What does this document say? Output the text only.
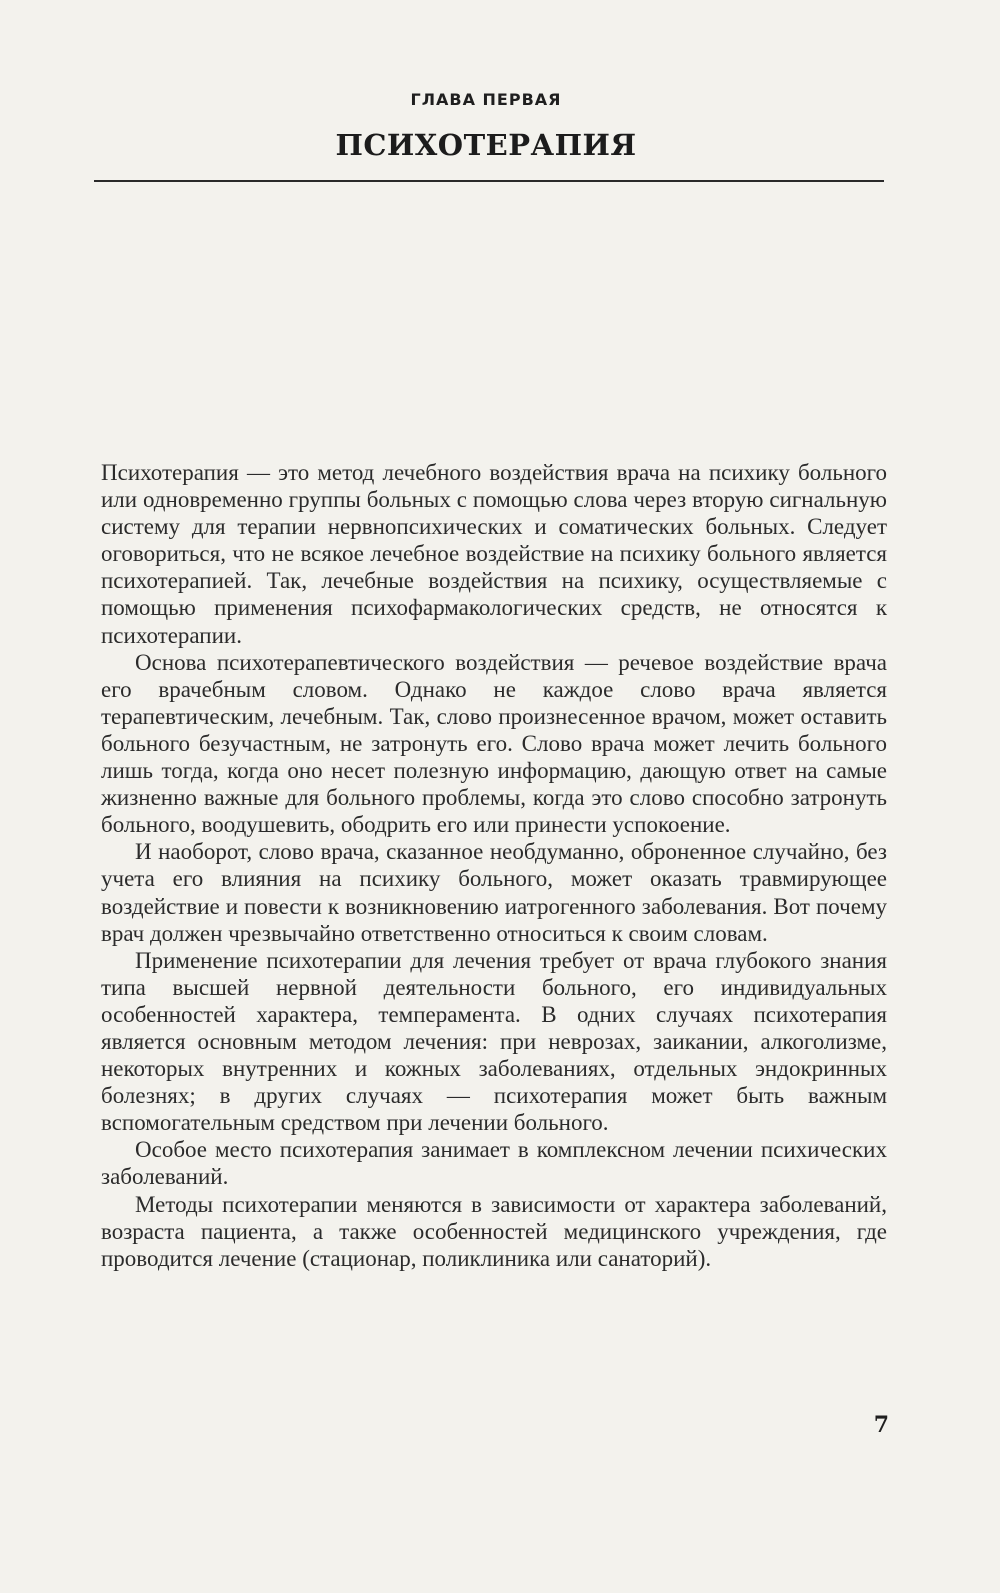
ГЛАВА ПЕРВАЯ
ПСИХОТЕРАПИЯ

Психотерапия — это метод лечебного воздействия врача на психику больного или одновременно группы больных с помощью слова через вторую сигнальную систему для терапии нервнопсихических и соматических больных. Следует оговориться, что не всякое лечебное воздействие на психику больного является психотерапией. Так, лечебные воздействия на психику, осуществляемые с помощью применения психофармакологических средств, не относятся к психотерапии.

Основа психотерапевтического воздействия — речевое воздействие врача его врачебным словом. Однако не каждое слово врача является терапевтическим, лечебным. Так, слово произнесенное врачом, может оставить больного безучастным, не затронуть его. Слово врача может лечить больного лишь тогда, когда оно несет полезную информацию, дающую ответ на самые жизненно важные для больного проблемы, когда это слово способно затронуть больного, воодушевить, ободрить его или принести успокоение.

И наоборот, слово врача, сказанное необдуманно, оброненное случайно, без учета его влияния на психику больного, может оказать травмирующее воздействие и повести к возникновению иатрогенного заболевания. Вот почему врач должен чрезвычайно ответственно относиться к своим словам.

Применение психотерапии для лечения требует от врача глубокого знания типа высшей нервной деятельности больного, его индивидуальных особенностей характера, темперамента. В одних случаях психотерапия является основным методом лечения: при неврозах, заикании, алкоголизме, некоторых внутренних и кожных заболеваниях, отдельных эндокринных болезнях; в других случаях — психотерапия может быть важным вспомогательным средством при лечении больного.

Особое место психотерапия занимает в комплексном лечении психических заболеваний.

Методы психотерапии меняются в зависимости от характера заболеваний, возраста пациента, а также особенностей медицинского учреждения, где проводится лечение (стационар, поликлиника или санаторий).

7
